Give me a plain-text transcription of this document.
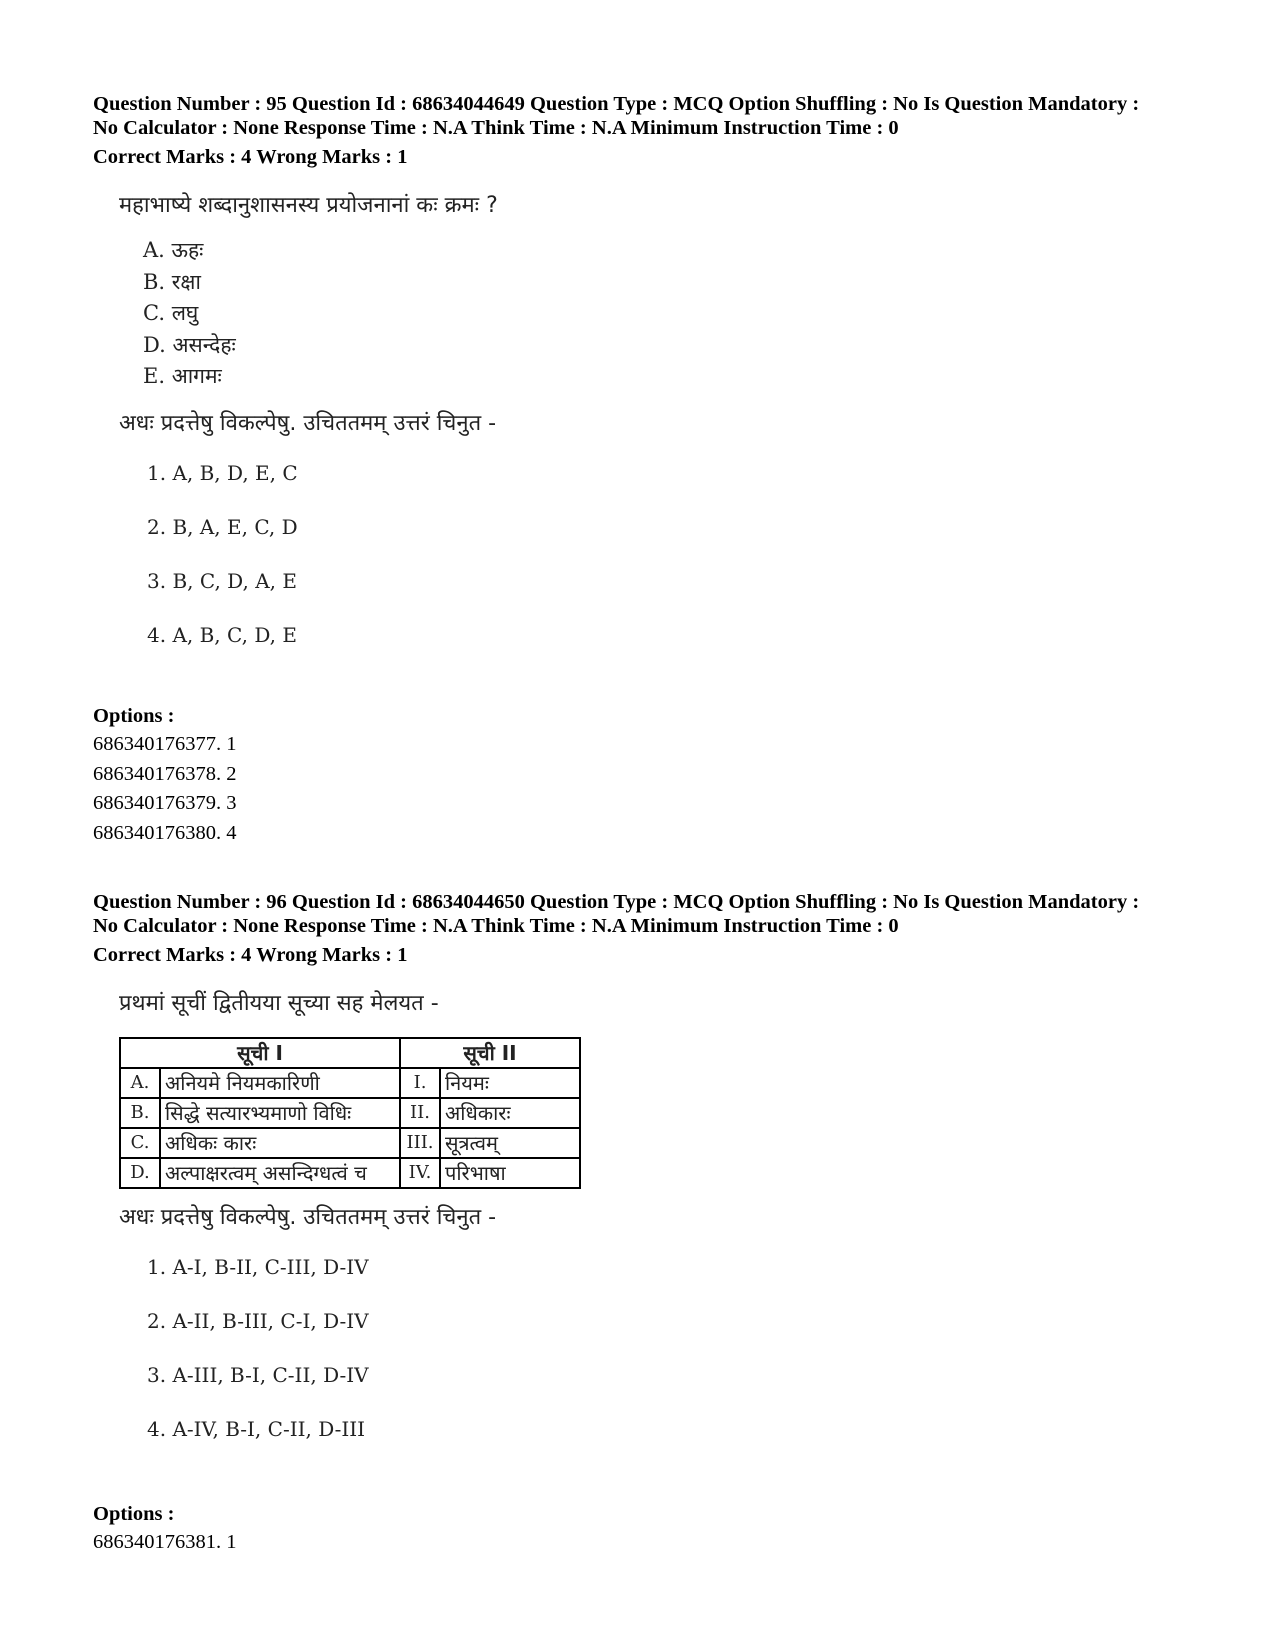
Question Number : 95 Question Id : 68634044649 Question Type : MCQ Option Shuffling : No Is Question Mandatory :
No Calculator : None Response Time : N.A Think Time : N.A Minimum Instruction Time : 0

Correct Marks : 4 Wrong Marks : 1

महाभाष्ये शब्दानुशासनस्य प्रयोजनानां कः क्रमः ?

A. ऊहः
B. रक्षा
C. लघु
D. असन्देहः
E. आगमः

अधः प्रदत्तेषु विकल्पेषु. उचिततमम् उत्तरं चिनुत -

1. A, B, D, E, C
2. B, A, E, C, D
3. B, C, D, A, E
4. A, B, C, D, E

Options :

686340176377. 1
686340176378. 2
686340176379. 3
686340176380. 4

Question Number : 96 Question Id : 68634044650 Question Type : MCQ Option Shuffling : No Is Question Mandatory :
No Calculator : None Response Time : N.A Think Time : N.A Minimum Instruction Time : 0

Correct Marks : 4 Wrong Marks : 1

प्रथमां सूचीं द्वितीयया सूच्या सह मेलयत -

सूची I		सूची II	
A.	अनियमे नियमकारिणी	I.	नियमः
B.	सिद्धे सत्यारभ्यमाणो विधिः	II.	अधिकारः
C.	अधिकः कारः	III.	सूत्रत्वम्
D.	अल्पाक्षरत्वम् असन्दिग्धत्वं च	IV.	परिभाषा

अधः प्रदत्तेषु विकल्पेषु. उचिततमम् उत्तरं चिनुत -

1. A-I, B-II, C-III, D-IV
2. A-II, B-III, C-I, D-IV
3. A-III, B-I, C-II, D-IV
4. A-IV, B-I, C-II, D-III

Options :

686340176381. 1
